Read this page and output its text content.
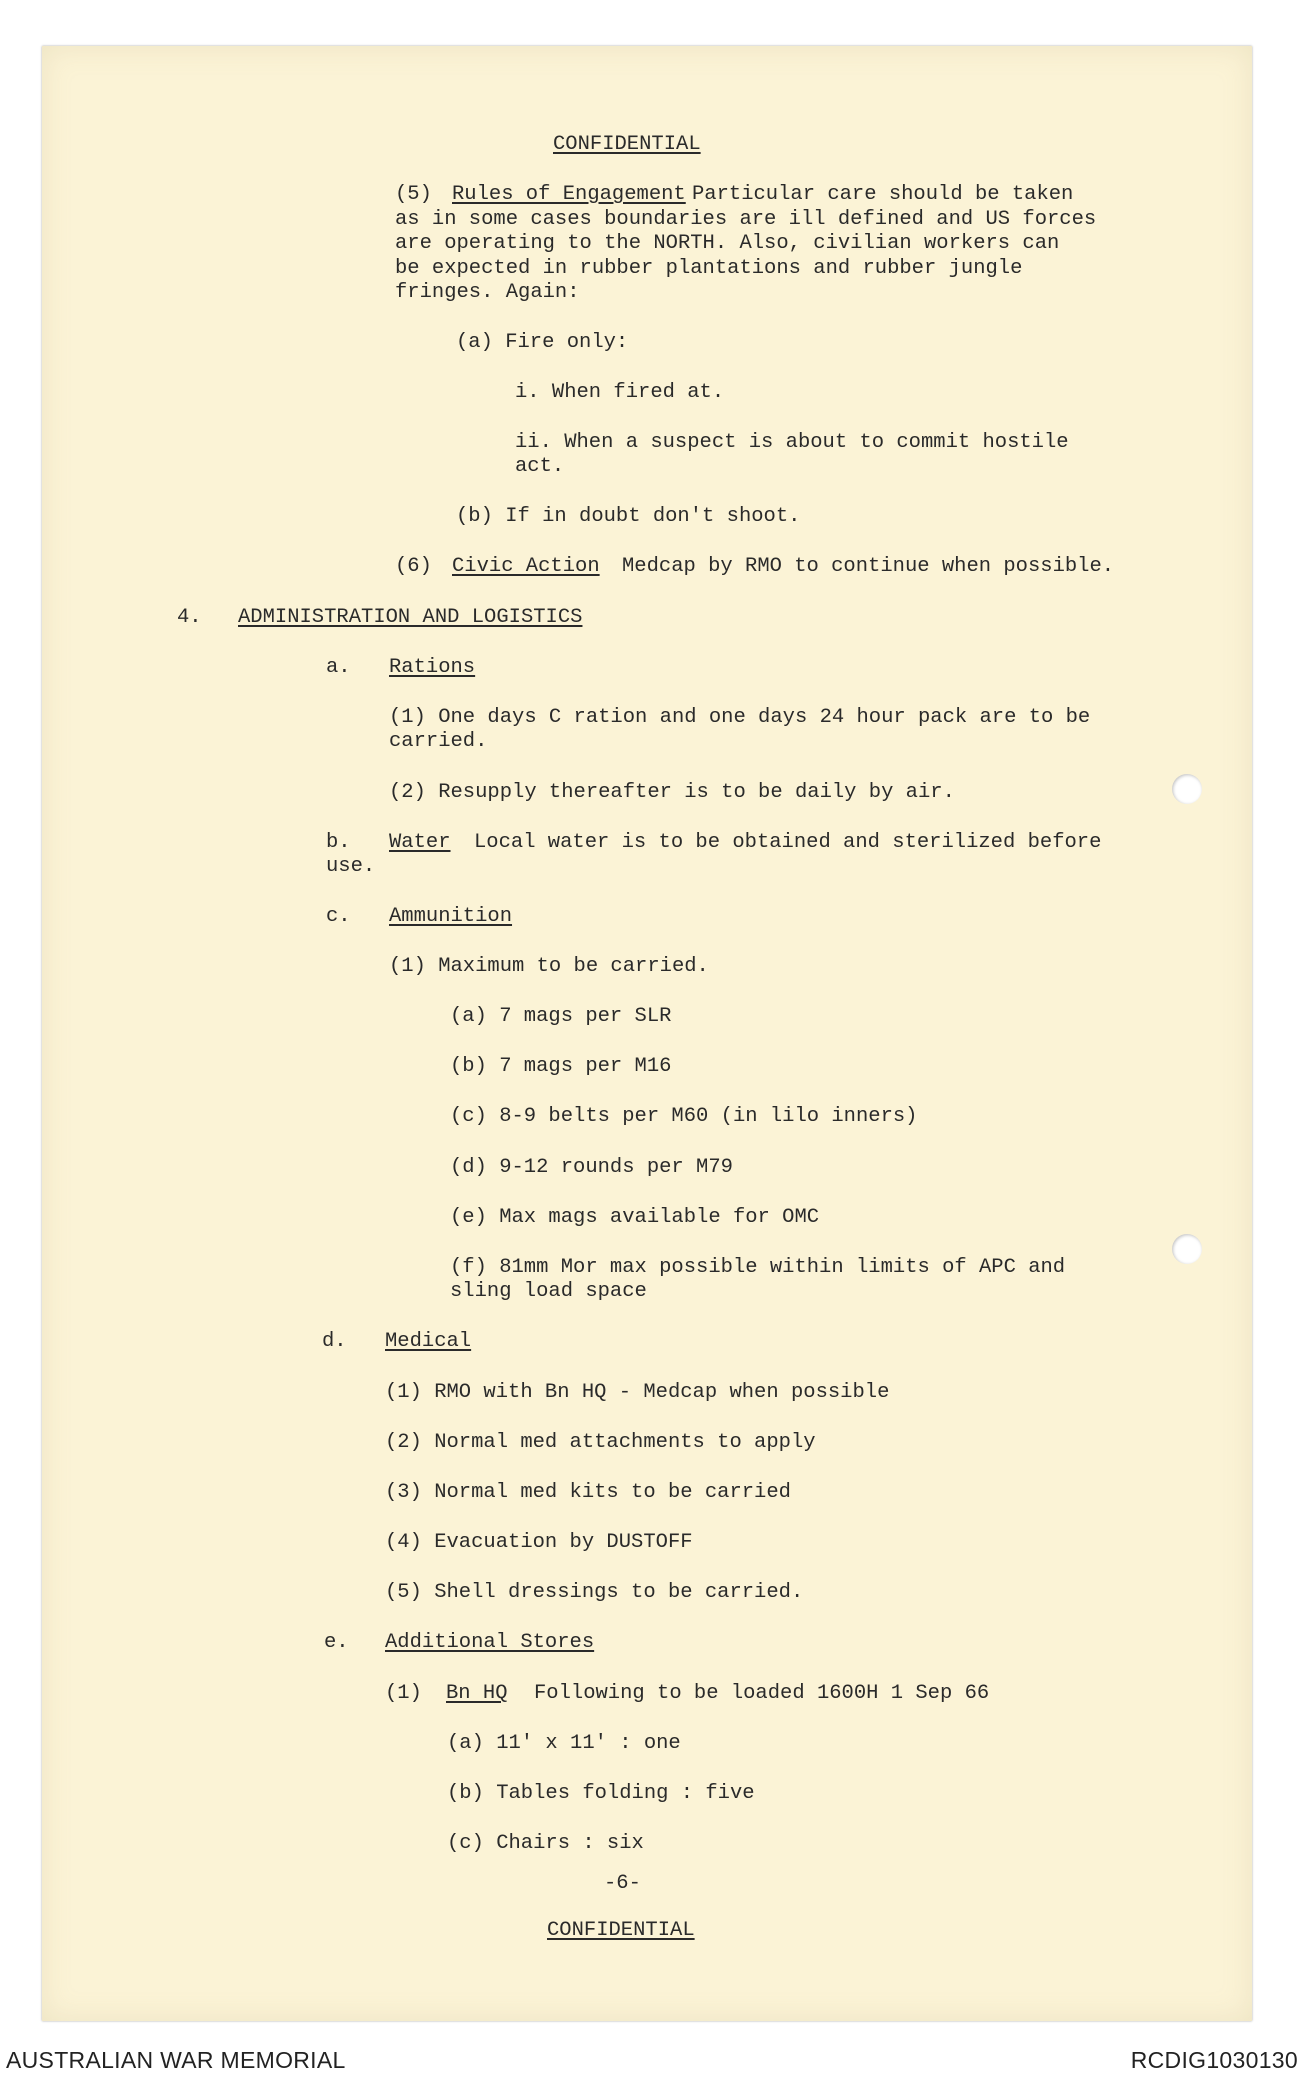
CONFIDENTIAL
(5) Rules of Engagement Particular care should be taken
as in some cases boundaries are ill defined and US forces
are operating to the NORTH. Also, civilian workers can
be expected in rubber plantations and rubber jungle
fringes. Again:
(a) Fire only:
i. When fired at.
ii. When a suspect is about to commit hostile
act.
(b) If in doubt don't shoot.
(6) Civic Action Medcap by RMO to continue when possible.
4. ADMINISTRATION AND LOGISTICS
a. Rations
(1) One days C ration and one days 24 hour pack are to be
carried.
(2) Resupply thereafter is to be daily by air.
b. Water Local water is to be obtained and sterilized before
use.
c. Ammunition
(1) Maximum to be carried.
(a) 7 mags per SLR
(b) 7 mags per M16
(c) 8-9 belts per M60 (in lilo inners)
(d) 9-12 rounds per M79
(e) Max mags available for OMC
(f) 81mm Mor max possible within limits of APC and
sling load space
d. Medical
(1) RMO with Bn HQ - Medcap when possible
(2) Normal med attachments to apply
(3) Normal med kits to be carried
(4) Evacuation by DUSTOFF
(5) Shell dressings to be carried.
e. Additional Stores
(1) Bn HQ Following to be loaded 1600H 1 Sep 66
(a) 11' x 11' : one
(b) Tables folding : five
(c) Chairs : six
-6-
CONFIDENTIAL
AUSTRALIAN WAR MEMORIAL	RCDIG1030130
